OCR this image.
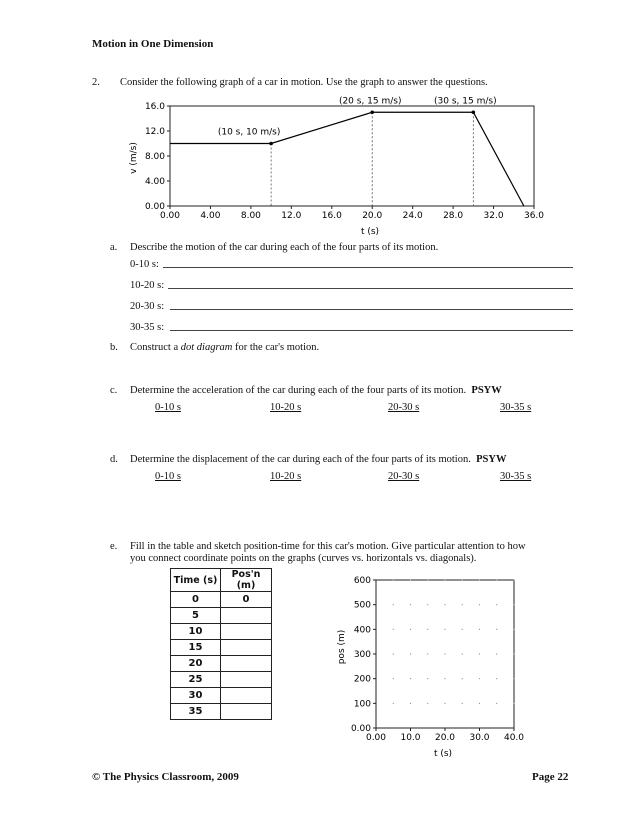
Motion in One Dimension
2. Consider the following graph of a car in motion. Use the graph to answer the questions.
0.00
4.00
8.00
12.0
16.0
0.00 4.00 8.00 12.0 16.0 20.0 24.0 28.0 32.0 36.0
(10 s, 10 m/s)
(20 s, 15 m/s)	(30 s, 15 m/s)
v (m/s)
t (s)
a. Describe the motion of the car during each of the four parts of its motion.
0-10 s:
10-20 s:
20-30 s:
30-35 s:
b. Construct a dot diagram for the car's motion.
c. Determine the acceleration of the car during each of the four parts of its motion. PSYW
0-10 s	10-20 s	20-30 s	30-35 s
d. Determine the displacement of the car during each of the four parts of its motion. PSYW
0-10 s	10-20 s	20-30 s	30-35 s
e. Fill in the table and sketch position-time for this car's motion. Give particular attention to how
you connect coordinate points on the graphs (curves vs. horizontals vs. diagonals).
Time (s)	Pos'n (m)
0	0
5	
10	
15	
20	
25	
30	
35	
0.00
100
200
300
400
500
600
0.00 10.0 20.0 30.0 40.0
pos (m)
t (s)
© The Physics Classroom, 2009	Page 22
